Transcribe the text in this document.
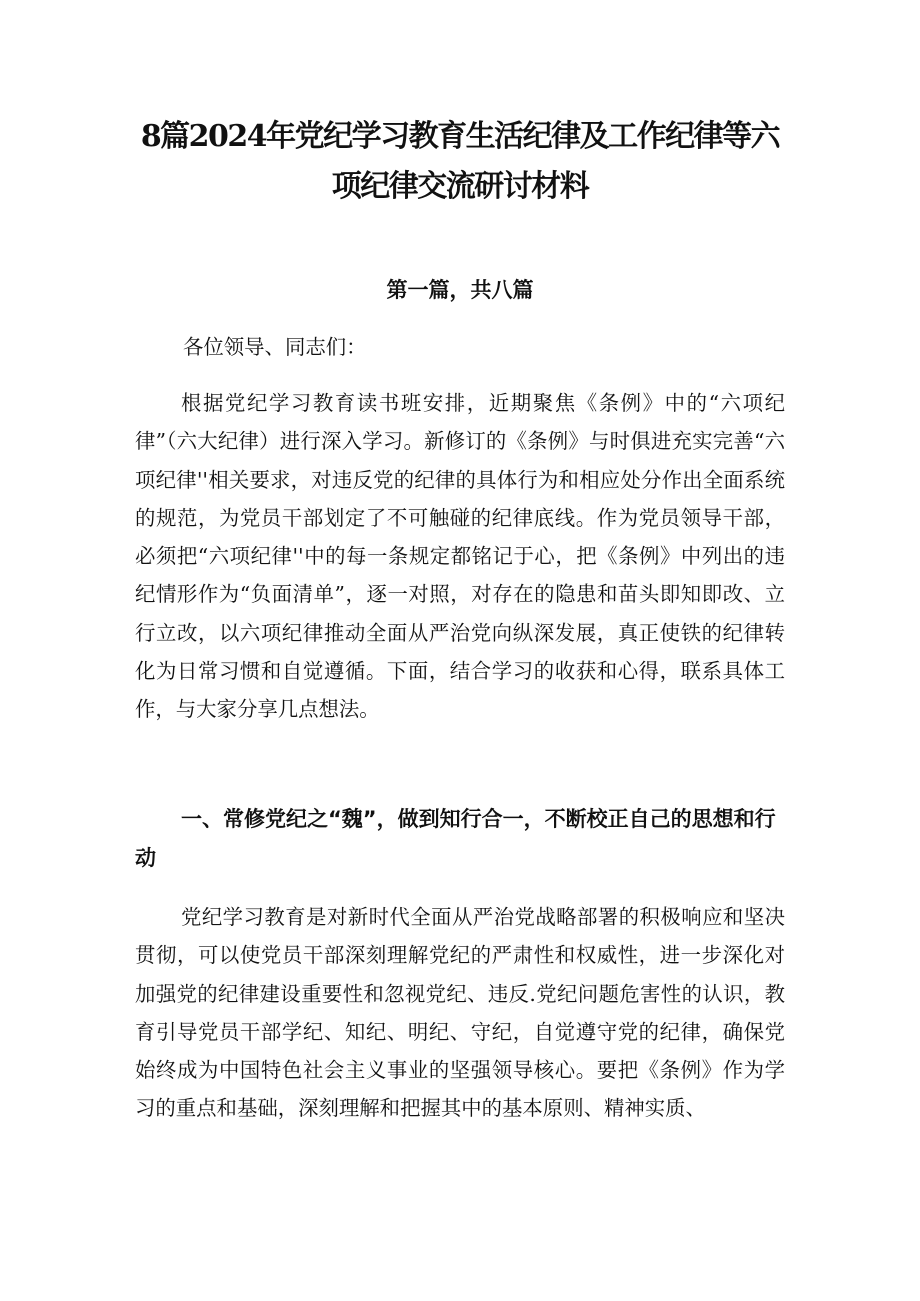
8篇2024年党纪学习教育生活纪律及工作纪律等六项纪律交流研讨材料
第一篇，共八篇

各位领导、同志们：

根据党纪学习教育读书班安排，近期聚焦《条例》中的“六项纪律”（六大纪律）进行深入学习。新修订的《条例》与时俱进充实完善“六项纪律''相关要求，对违反党的纪律的具体行为和相应处分作出全面系统的规范，为党员干部划定了不可触碰的纪律底线。作为党员领导干部，必须把“六项纪律''中的每一条规定都铭记于心，把《条例》中列出的违纪情形作为“负面清单”，逐一对照，对存在的隐患和苗头即知即改、立行立改，以六项纪律推动全面从严治党向纵深发展，真正使铁的纪律转化为日常习惯和自觉遵循。下面，结合学习的收获和心得，联系具体工作，与大家分享几点想法。

一、常修党纪之“魏”，做到知行合一，不断校正自己的思想和行动

党纪学习教育是对新时代全面从严治党战略部署的积极响应和坚决贯彻，可以使党员干部深刻理解党纪的严肃性和权威性，进一步深化对加强党的纪律建设重要性和忽视党纪、违反.党纪问题危害性的认识，教育引导党员干部学纪、知纪、明纪、守纪，自觉遵守党的纪律，确保党始终成为中国特色社会主义事业的坚强领导核心。要把《条例》作为学习的重点和基础，深刻理解和把握其中的基本原则、精神实质、
